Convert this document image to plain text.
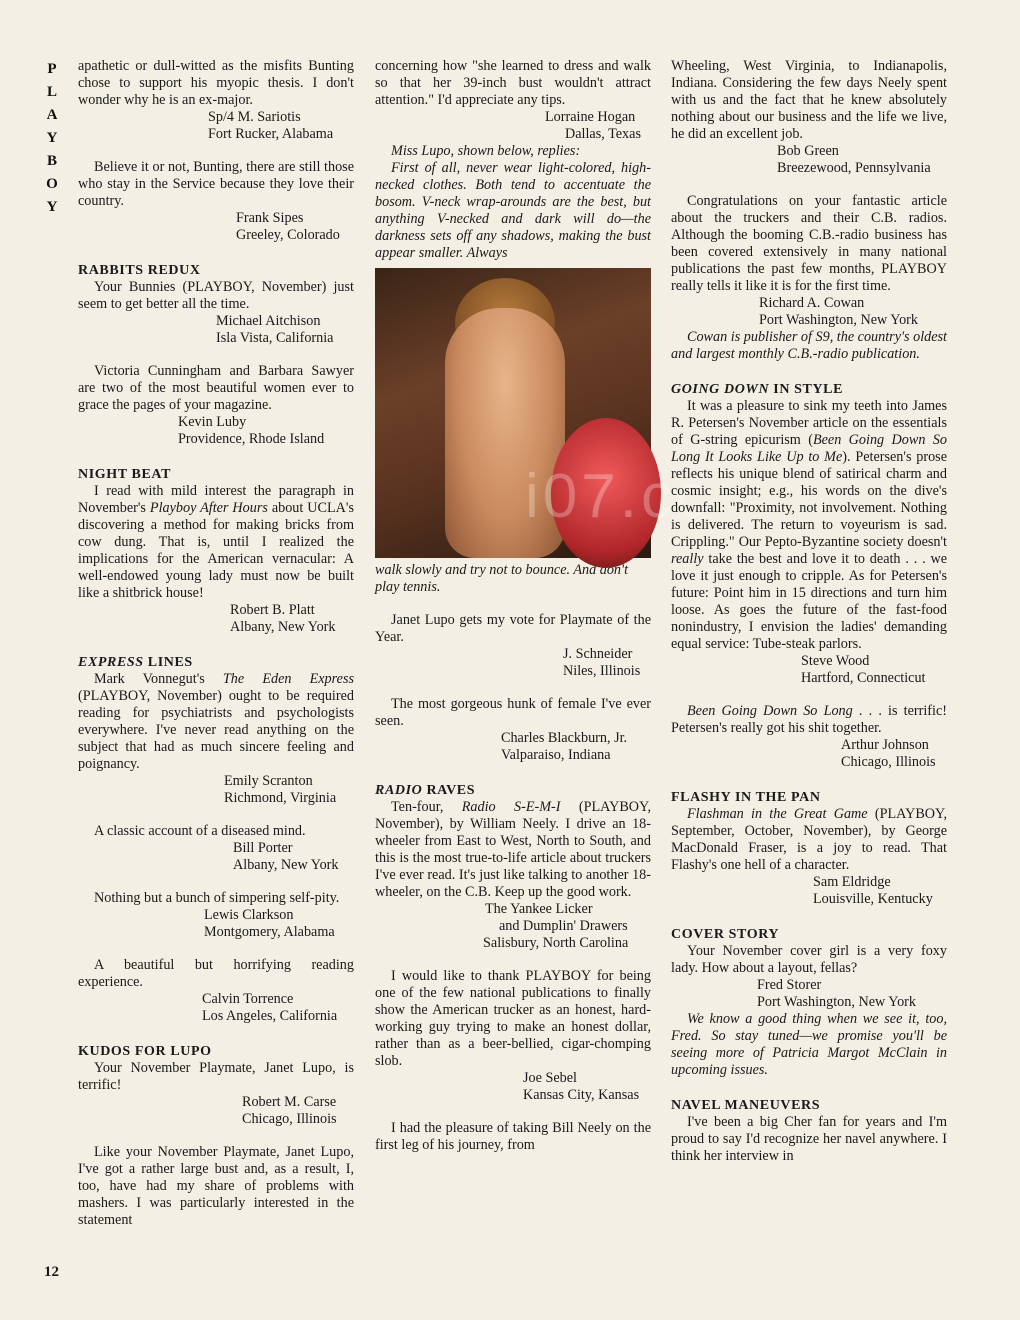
P
L
A
Y
B
O
Y
12

apathetic or dull-witted as the misfits Bunting chose to support his myopic thesis. I don't wonder why he is an ex-major.

Sp/4 M. Sariotis

Fort Rucker, Alabama

Believe it or not, Bunting, there are still those who stay in the Service because they love their country.

Frank Sipes

Greeley, Colorado

RABBITS REDUX

Your Bunnies (PLAYBOY, November) just seem to get better all the time.

Michael Aitchison

Isla Vista, California

Victoria Cunningham and Barbara Sawyer are two of the most beautiful women ever to grace the pages of your magazine.

Kevin Luby

Providence, Rhode Island

NIGHT BEAT

I read with mild interest the paragraph in November's Playboy After Hours about UCLA's discovering a method for making bricks from cow dung. That is, until I realized the implications for the American vernacular: A well-endowed young lady must now be built like a shitbrick house!

Robert B. Platt

Albany, New York

EXPRESS LINES

Mark Vonnegut's The Eden Express (PLAYBOY, November) ought to be required reading for psychiatrists and psychologists everywhere. I've never read anything on the subject that had as much sincere feeling and poignancy.

Emily Scranton

Richmond, Virginia

A classic account of a diseased mind.

Bill Porter

Albany, New York

Nothing but a bunch of simpering self-pity.

Lewis Clarkson

Montgomery, Alabama

A beautiful but horrifying reading experience.

Calvin Torrence

Los Angeles, California

KUDOS FOR LUPO

Your November Playmate, Janet Lupo, is terrific!

Robert M. Carse

Chicago, Illinois

Like your November Playmate, Janet Lupo, I've got a rather large bust and, as a result, I, too, have had my share of problems with mashers. I was particularly interested in the statement

concerning how "she learned to dress and walk so that her 39-inch bust wouldn't attract attention." I'd appreciate any tips.

Lorraine Hogan

Dallas, Texas

Miss Lupo, shown below, replies:

First of all, never wear light-colored, high-necked clothes. Both tend to accentuate the bosom. V-neck wrap-arounds are the best, but anything V-necked and dark will do—the darkness sets off any shadows, making the bust appear smaller. Always

i07.cc

walk slowly and try not to bounce. And don't play tennis.

Janet Lupo gets my vote for Playmate of the Year.

J. Schneider

Niles, Illinois

The most gorgeous hunk of female I've ever seen.

Charles Blackburn, Jr.

Valparaiso, Indiana

RADIO RAVES

Ten-four, Radio S-E-M-I (PLAYBOY, November), by William Neely. I drive an 18-wheeler from East to West, North to South, and this is the most true-to-life article about truckers I've ever read. It's just like talking to another 18-wheeler, on the C.B. Keep up the good work.

The Yankee Licker

and Dumplin' Drawers

Salisbury, North Carolina

I would like to thank PLAYBOY for being one of the few national publications to finally show the American trucker as an honest, hard-working guy trying to make an honest dollar, rather than as a beer-bellied, cigar-chomping slob.

Joe Sebel

Kansas City, Kansas

I had the pleasure of taking Bill Neely on the first leg of his journey, from

Wheeling, West Virginia, to Indianapolis, Indiana. Considering the few days Neely spent with us and the fact that he knew absolutely nothing about our business and the life we live, he did an excellent job.

Bob Green

Breezewood, Pennsylvania

Congratulations on your fantastic article about the truckers and their C.B. radios. Although the booming C.B.-radio business has been covered extensively in many national publications the past few months, PLAYBOY really tells it like it is for the first time.

Richard A. Cowan

Port Washington, New York

Cowan is publisher of S9, the country's oldest and largest monthly C.B.-radio publication.

GOING DOWN IN STYLE

It was a pleasure to sink my teeth into James R. Petersen's November article on the essentials of G-string epicurism (Been Going Down So Long It Looks Like Up to Me). Petersen's prose reflects his unique blend of satirical charm and cosmic insight; e.g., his words on the dive's downfall: "Proximity, not involvement. Nothing is delivered. The return to voyeurism is sad. Crippling." Our Pepto-Byzantine society doesn't really take the best and love it to death . . . we love it just enough to cripple. As for Petersen's future: Point him in 15 directions and turn him loose. As goes the future of the fast-food nonindustry, I envision the ladies' demanding equal service: Tube-steak parlors.

Steve Wood

Hartford, Connecticut

Been Going Down So Long . . . is terrific! Petersen's really got his shit together.

Arthur Johnson

Chicago, Illinois

FLASHY IN THE PAN

Flashman in the Great Game (PLAYBOY, September, October, November), by George MacDonald Fraser, is a joy to read. That Flashy's one hell of a character.

Sam Eldridge

Louisville, Kentucky

COVER STORY

Your November cover girl is a very foxy lady. How about a layout, fellas?

Fred Storer

Port Washington, New York

We know a good thing when we see it, too, Fred. So stay tuned—we promise you'll be seeing more of Patricia Margot McClain in upcoming issues.

NAVEL MANEUVERS

I've been a big Cher fan for years and I'm proud to say I'd recognize her navel anywhere. I think her interview in
